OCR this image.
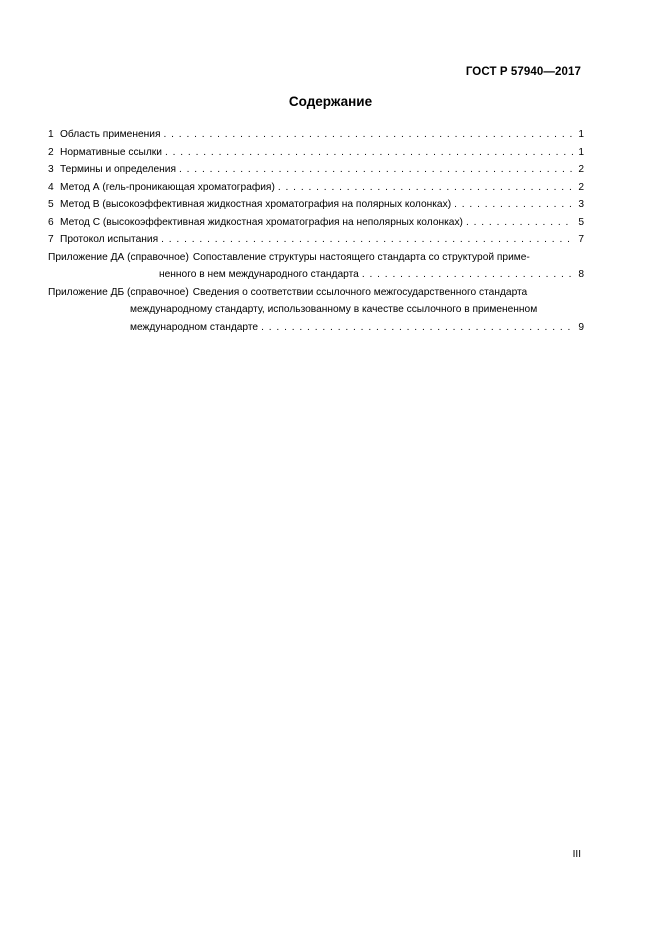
ГОСТ Р 57940—2017
Содержание
1 Область применения . . .	1
2 Нормативные ссылки . . .	1
3 Термины и определения . . .	2
4 Метод А (гель-проникающая хроматография) . . .	2
5 Метод В (высокоэффективная жидкостная хроматография на полярных колонках) . . .	3
6 Метод С (высокоэффективная жидкостная хроматография на неполярных колонках) . . .	5
7 Протокол испытания . . .	7
Приложение ДА (справочное) Сопоставление структуры настоящего стандарта со структурой приме-
ненного в нем международного стандарта . . .	8
Приложение ДБ (справочное) Сведения о соответствии ссылочного межгосударственного стандарта
международному стандарту, использованному в качестве ссылочного в примененном
международном стандарте . . .	9
III
